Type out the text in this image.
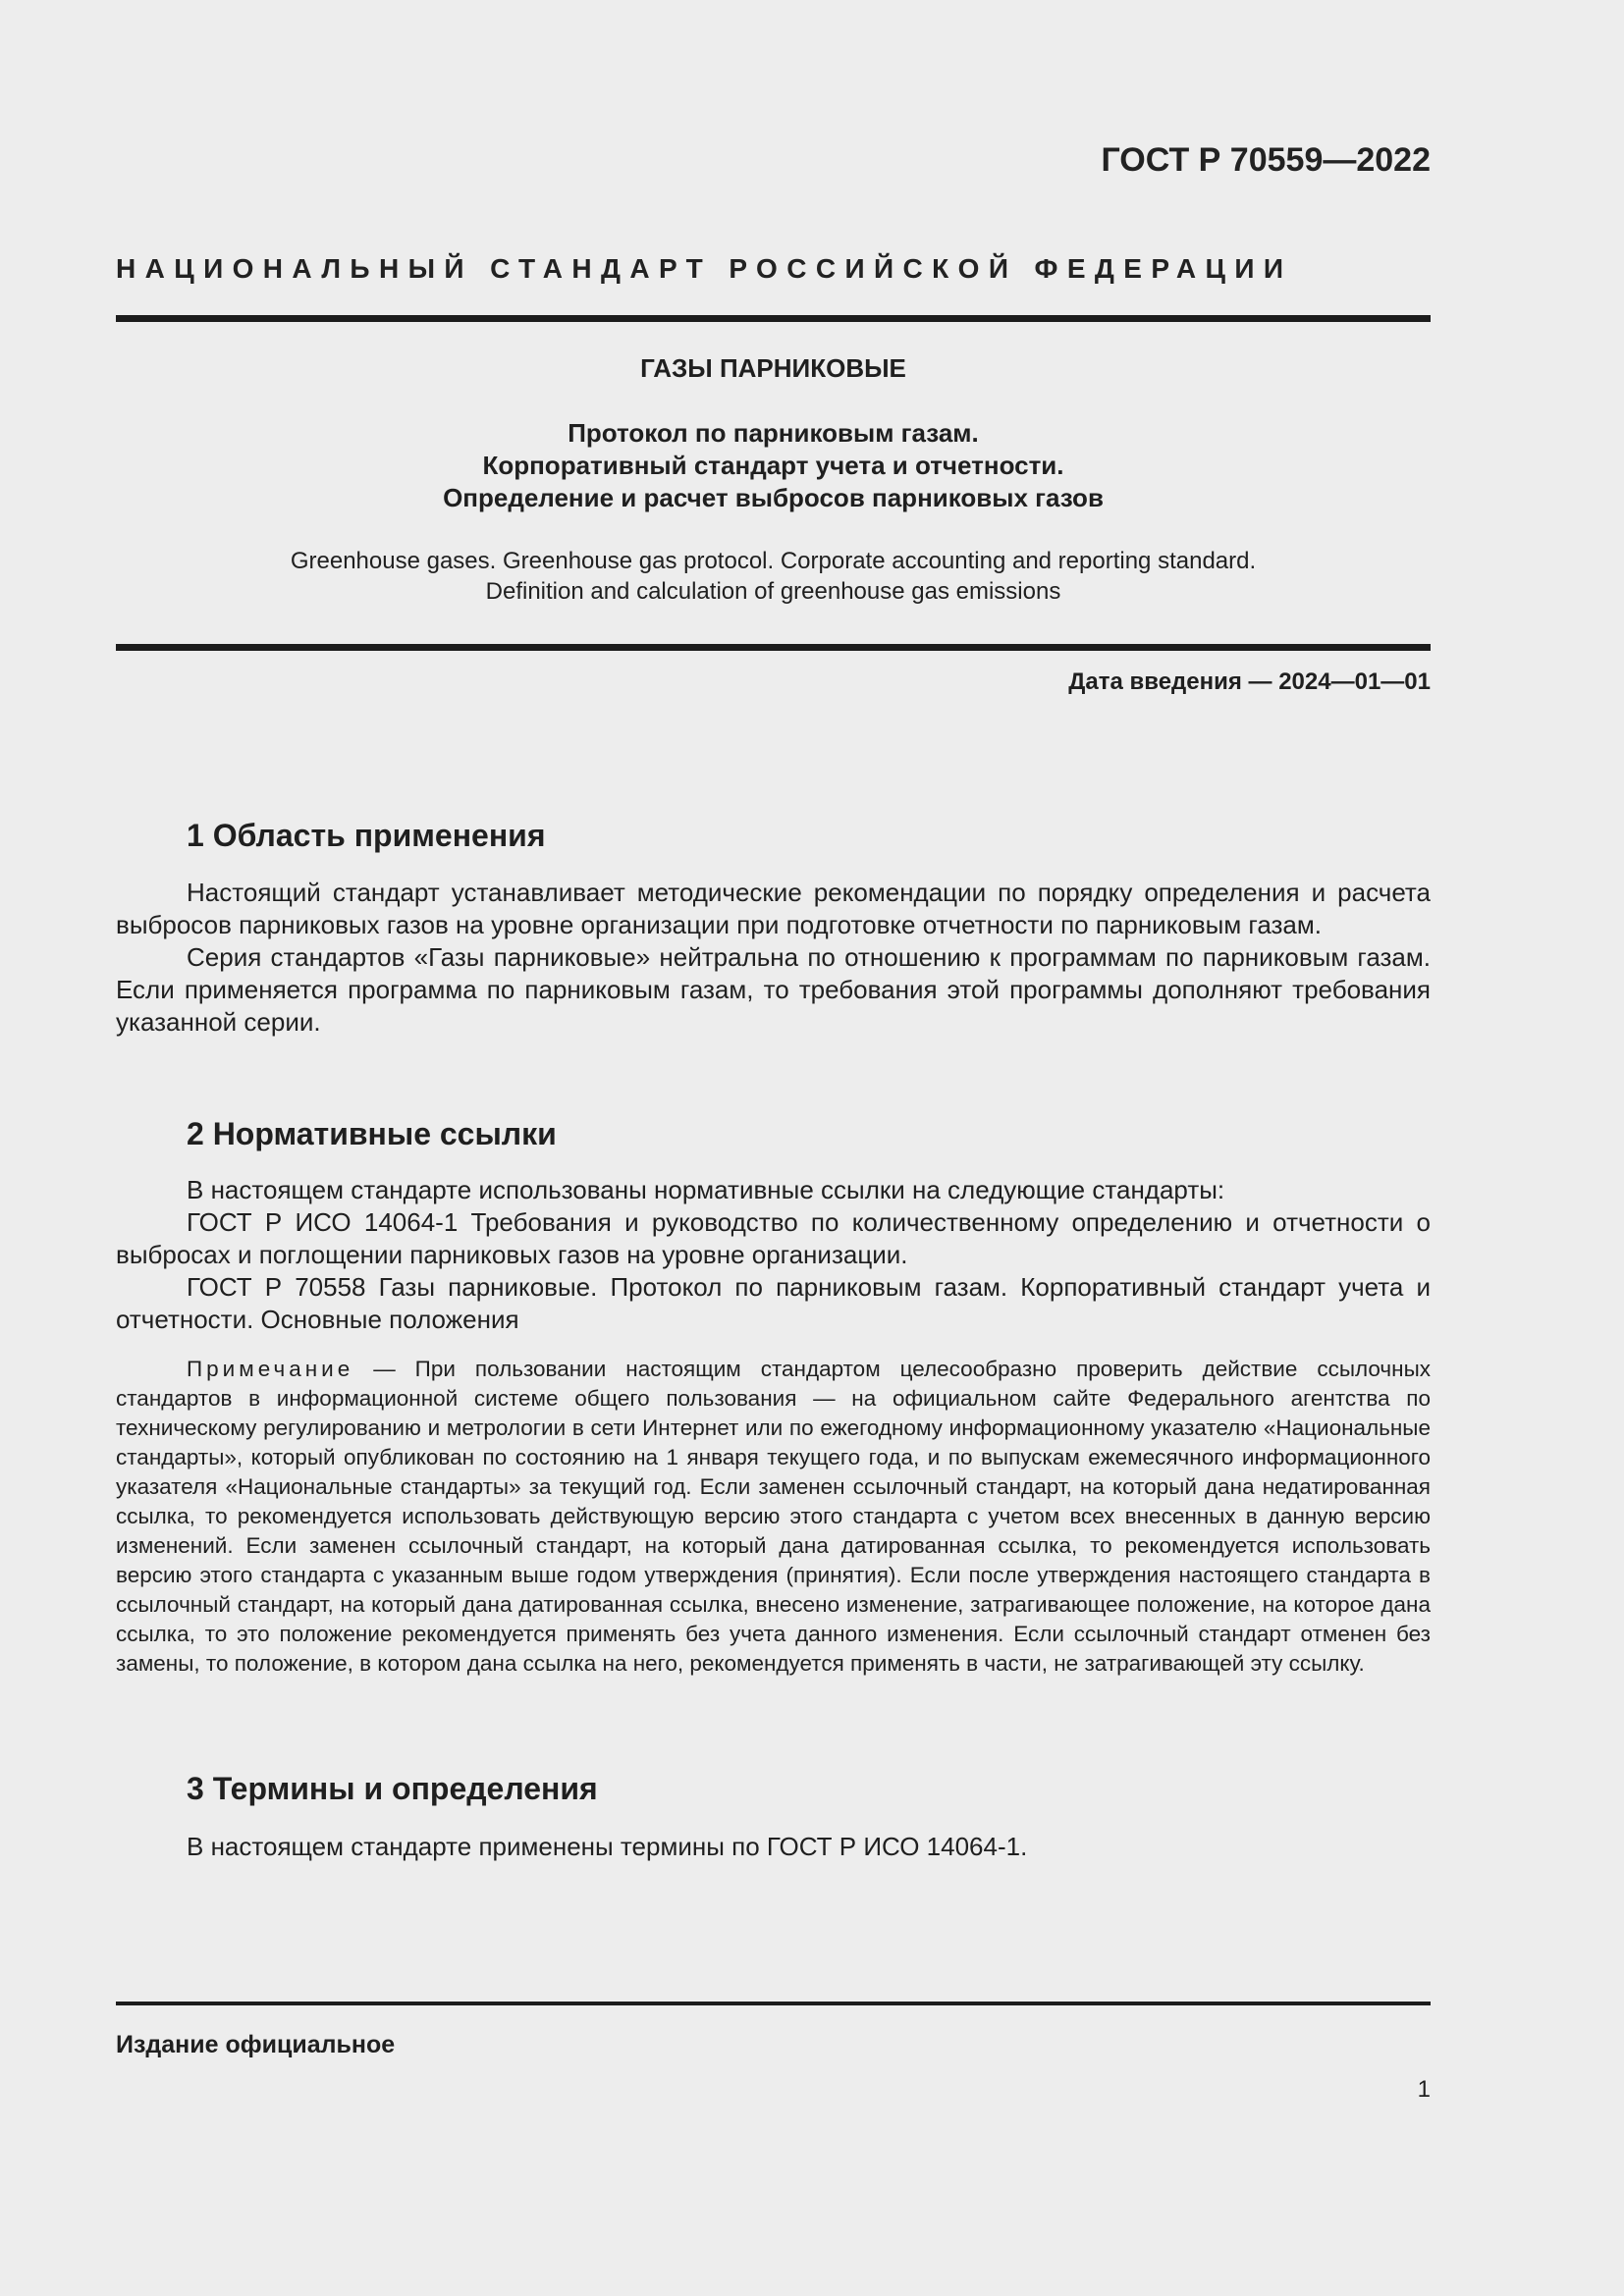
ГОСТ Р 70559—2022
НАЦИОНАЛЬНЫЙ СТАНДАРТ РОССИЙСКОЙ ФЕДЕРАЦИИ
ГАЗЫ ПАРНИКОВЫЕ
Протокол по парниковым газам.
Корпоративный стандарт учета и отчетности.
Определение и расчет выбросов парниковых газов
Greenhouse gases. Greenhouse gas protocol. Corporate accounting and reporting standard.
Definition and calculation of greenhouse gas emissions
Дата введения — 2024—01—01
1 Область применения

Настоящий стандарт устанавливает методические рекомендации по порядку определения и расчета выбросов парниковых газов на уровне организации при подготовке отчетности по парниковым газам.

Серия стандартов «Газы парниковые» нейтральна по отношению к программам по парниковым газам. Если применяется программа по парниковым газам, то требования этой программы дополняют требования указанной серии.

2 Нормативные ссылки

В настоящем стандарте использованы нормативные ссылки на следующие стандарты:

ГОСТ Р ИСО 14064-1 Требования и руководство по количественному определению и отчетности о выбросах и поглощении парниковых газов на уровне организации.

ГОСТ Р 70558 Газы парниковые. Протокол по парниковым газам. Корпоративный стандарт учета и отчетности. Основные положения

Примечание — При пользовании настоящим стандартом целесообразно проверить действие ссылочных стандартов в информационной системе общего пользования — на официальном сайте Федерального агентства по техническому регулированию и метрологии в сети Интернет или по ежегодному информационному указателю «Национальные стандарты», который опубликован по состоянию на 1 января текущего года, и по выпускам ежемесячного информационного указателя «Национальные стандарты» за текущий год. Если заменен ссылочный стандарт, на который дана недатированная ссылка, то рекомендуется использовать действующую версию этого стандарта с учетом всех внесенных в данную версию изменений. Если заменен ссылочный стандарт, на который дана датированная ссылка, то рекомендуется использовать версию этого стандарта с указанным выше годом утверждения (принятия). Если после утверждения настоящего стандарта в ссылочный стандарт, на который дана датированная ссылка, внесено изменение, затрагивающее положение, на которое дана ссылка, то это положение рекомендуется применять без учета данного изменения. Если ссылочный стандарт отменен без замены, то положение, в котором дана ссылка на него, рекомендуется применять в части, не затрагивающей эту ссылку.

3 Термины и определения

В настоящем стандарте применены термины по ГОСТ Р ИСО 14064-1.

Издание официальное
1
